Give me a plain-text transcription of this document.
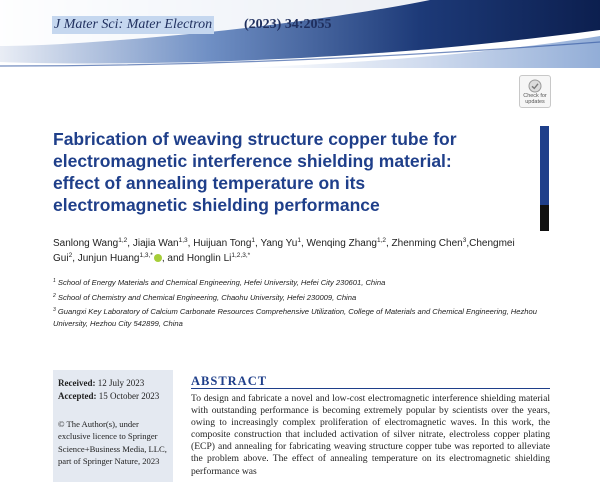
J Mater Sci: Mater Electron (2023) 34:2055
Check for updates
Fabrication of weaving structure copper tube for electromagnetic interference shielding material: effect of annealing temperature on its electromagnetic shielding performance
Sanlong Wang$^{1,2}$, Jiajia Wan$^{1,3}$, Huijuan Tong$^1$, Yang Yu$^1$, Wenqing Zhang$^{1,2}$, Zhenming Chen$^3$,Chengmei Gui$^2$, Junjun Huang$^{1,3,*}$ , and Honglin $Li^{1,2,3,*}$
$^1$ School of Energy Materials and Chemical Engineering, Hefei University, Hefei City 230601, China
$^2$ School of Chemistry and Chemical Engineering, Chaohu University, Hefei 230009, China
$^3$ Guangxi Key Laboratory of Calcium Carbonate Resources Comprehensive Utilization, College of Materials and Chemical Engineering, Hezhou University, Hezhou City 542899, China
Received: 12 July 2023
Accepted: 15 October 2023
© The Author(s), under exclusive licence to Springer Science+Business Media, LLC, part of Springer Nature, 2023
ABSTRACT

To design and fabricate a novel and low-cost electromagnetic interference shielding material with outstanding performance is becoming extremely popular by scientists over the years, owing to increasingly complex proliferation of electromagnetic waves. In this work, the composite construction that included activation of silver nitrate, electroless copper plating (ECP) and annealing for fabricating weaving structure copper tube was reported to alleviate the problem above. The effect of annealing temperature on its electromagnetic shielding performance was
